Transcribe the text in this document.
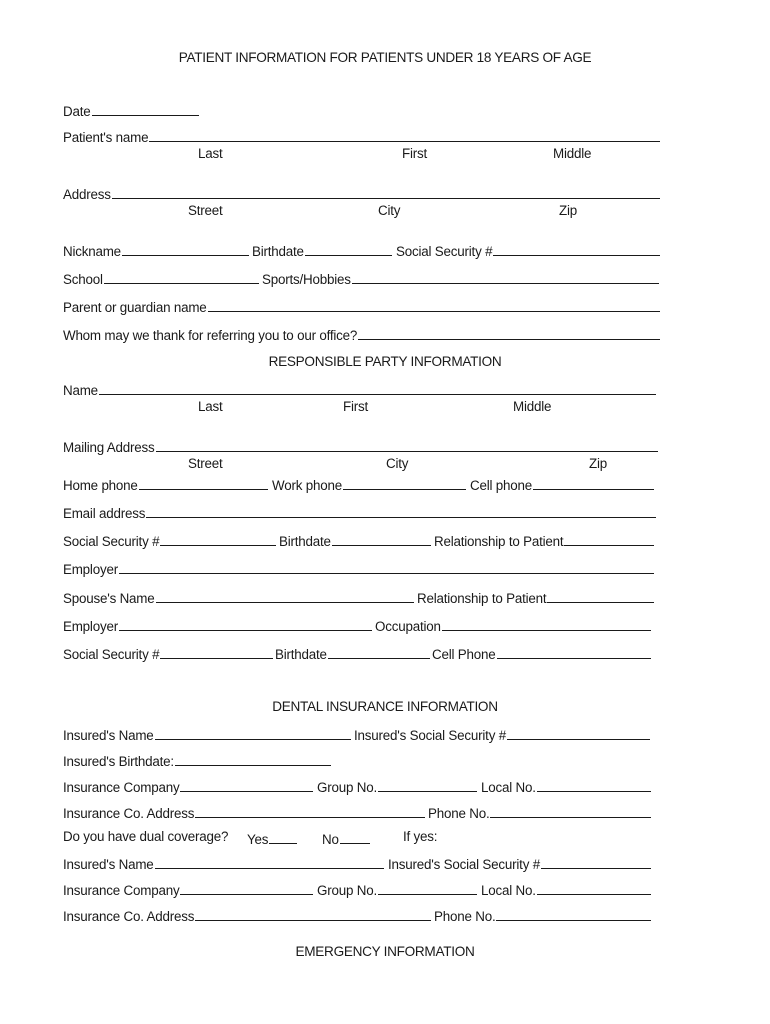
PATIENT INFORMATION FOR PATIENTS UNDER 18 YEARS OF AGE
Date
Patient's name
Last	First	Middle
Address
Street	City	Zip
Nickname	Birthdate	Social Security #
School	Sports/Hobbies
Parent or guardian name
Whom may we thank for referring you to our office?
RESPONSIBLE PARTY INFORMATION
Name
Last	First	Middle
Mailing Address
Street	City	Zip
Home phone	Work phone	Cell phone
Email address
Social Security #	Birthdate	Relationship to Patient
Employer
Spouse's Name	Relationship to Patient
Employer	Occupation
Social Security #	Birthdate	Cell Phone
DENTAL INSURANCE INFORMATION
Insured's Name	Insured's Social Security #
Insured's Birthdate:
Insurance Company	Group No.	Local No.
Insurance Co. Address	Phone No.
Do you have dual coverage? Yes	No	If yes:
Insured's Name	Insured's Social Security #
Insurance Company	Group No.	Local No.
Insurance Co. Address	Phone No.
EMERGENCY INFORMATION
